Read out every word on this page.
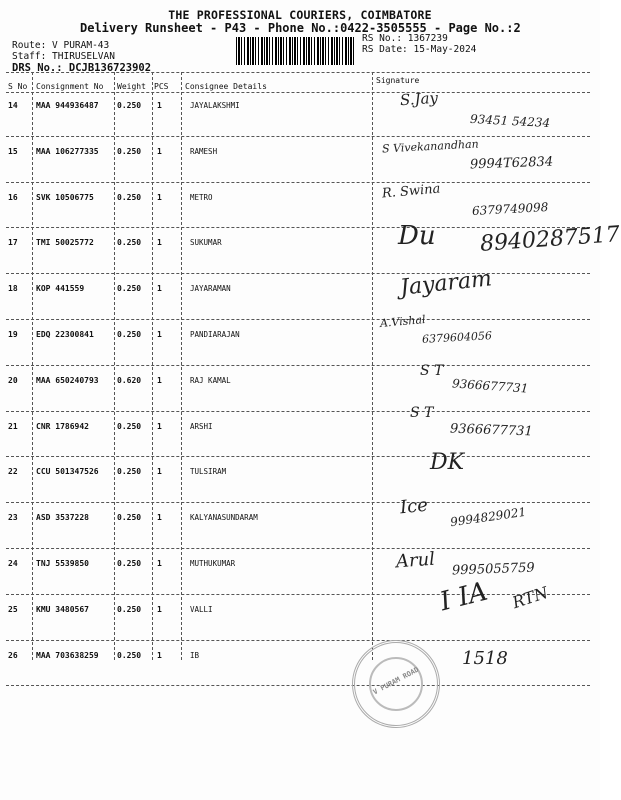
THE PROFESSIONAL COURIERS, COIMBATORE
Delivery Runsheet - P43 - Phone No.:0422-3505555 - Page No.:2
Route: V PURAM-43
Staff: THIRUSELVAN
DRS No.: DCJB136723902
RS No.: 1367239
RS Date: 15-May-2024
S No Consignment No Weight PCS Consignee Details
Signature
14 MAA 944936487 0.250 1	JAYALAKSHMI	S.Jay
93451 54234
15 MAA 106277335 0.250 1	RAMESH	S Vivekanandhan
9994T62834
16 SVK 10506775	0.250 1	METRO	R. Swina
6379749098
17 TMI 50025772	0.250 1	SUKUMAR	Du 8940287517
18 KOP 441559	0.250 1	JAYARAMAN	Jayaram
19 EDQ 22300841	0.250 1	PANDIARAJAN
A.Vishal
6379604056
20 MAA 650240793 0.620 1	RAJ KAMAL
S T
9366677731
21 CNR 1786942	0.250 1	ARSHI
S T
9366677731
22 CCU 501347526 0.250 1	TULSIRAM	DK
23 ASD 3537228	0.250 1	KALYANASUNDARAM	Ice 9994829021
24 TNJ 5539850	0.250 1	MUTHUKUMAR	Arul 9995055759
25 KMU 3480567	0.250 1	VALLI	I IA RTN
26 MAA 703638259 0.250 1	IB	1518
V PURAM ROAD
